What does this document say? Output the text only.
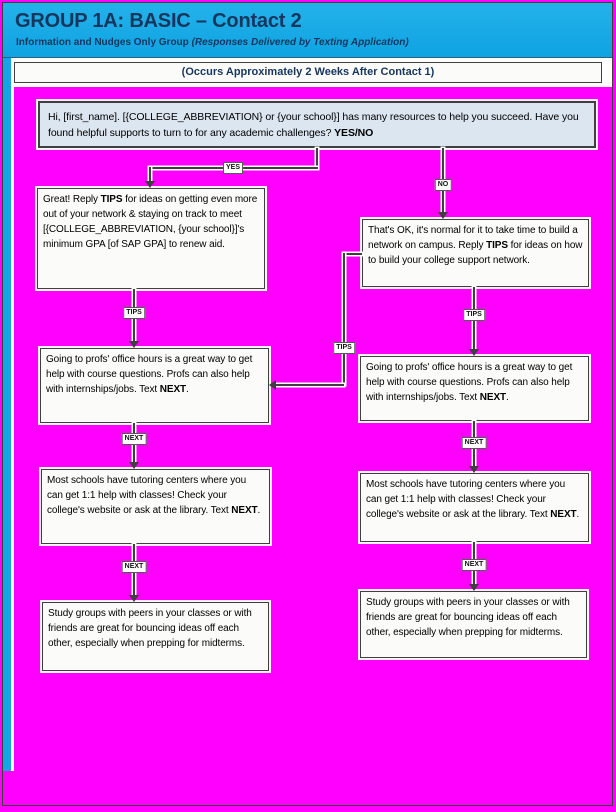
GROUP 1A: BASIC – Contact 2
Information and Nudges Only Group (Responses Delivered by Texting Application)
(Occurs Approximately 2 Weeks After Contact 1)
Hi, [first_name]. [{COLLEGE_ABBREVIATION} or {your school}] has many resources to help you succeed. Have you found helpful supports to turn to for any academic challenges? YES/NO
Great! Reply TIPS for ideas on getting even more out of your network & staying on track to meet [{COLLEGE_ABBREVIATION, {your school}]'s minimum GPA [of SAP GPA] to renew aid.
That's OK, it's normal for it to take time to build a network on campus. Reply TIPS for ideas on how to build your college support network.
Going to profs' office hours is a great way to get help with course questions. Profs can also help with internships/jobs. Text NEXT.
Going to profs' office hours is a great way to get help with course questions. Profs can also help with internships/jobs. Text NEXT.
Most schools have tutoring centers where you can get 1:1 help with classes! Check your college's website or ask at the library. Text NEXT.
Most schools have tutoring centers where you can get 1:1 help with classes! Check your college's website or ask at the library. Text NEXT.
Study groups with peers in your classes or with friends are great for bouncing ideas off each other, especially when prepping for midterms.
Study groups with peers in your classes or with friends are great for bouncing ideas off each other, especially when prepping for midterms.
YES
NO
TIPS	TIPS
TIPS
NEXT
NEXT
NEXT	NEXT
